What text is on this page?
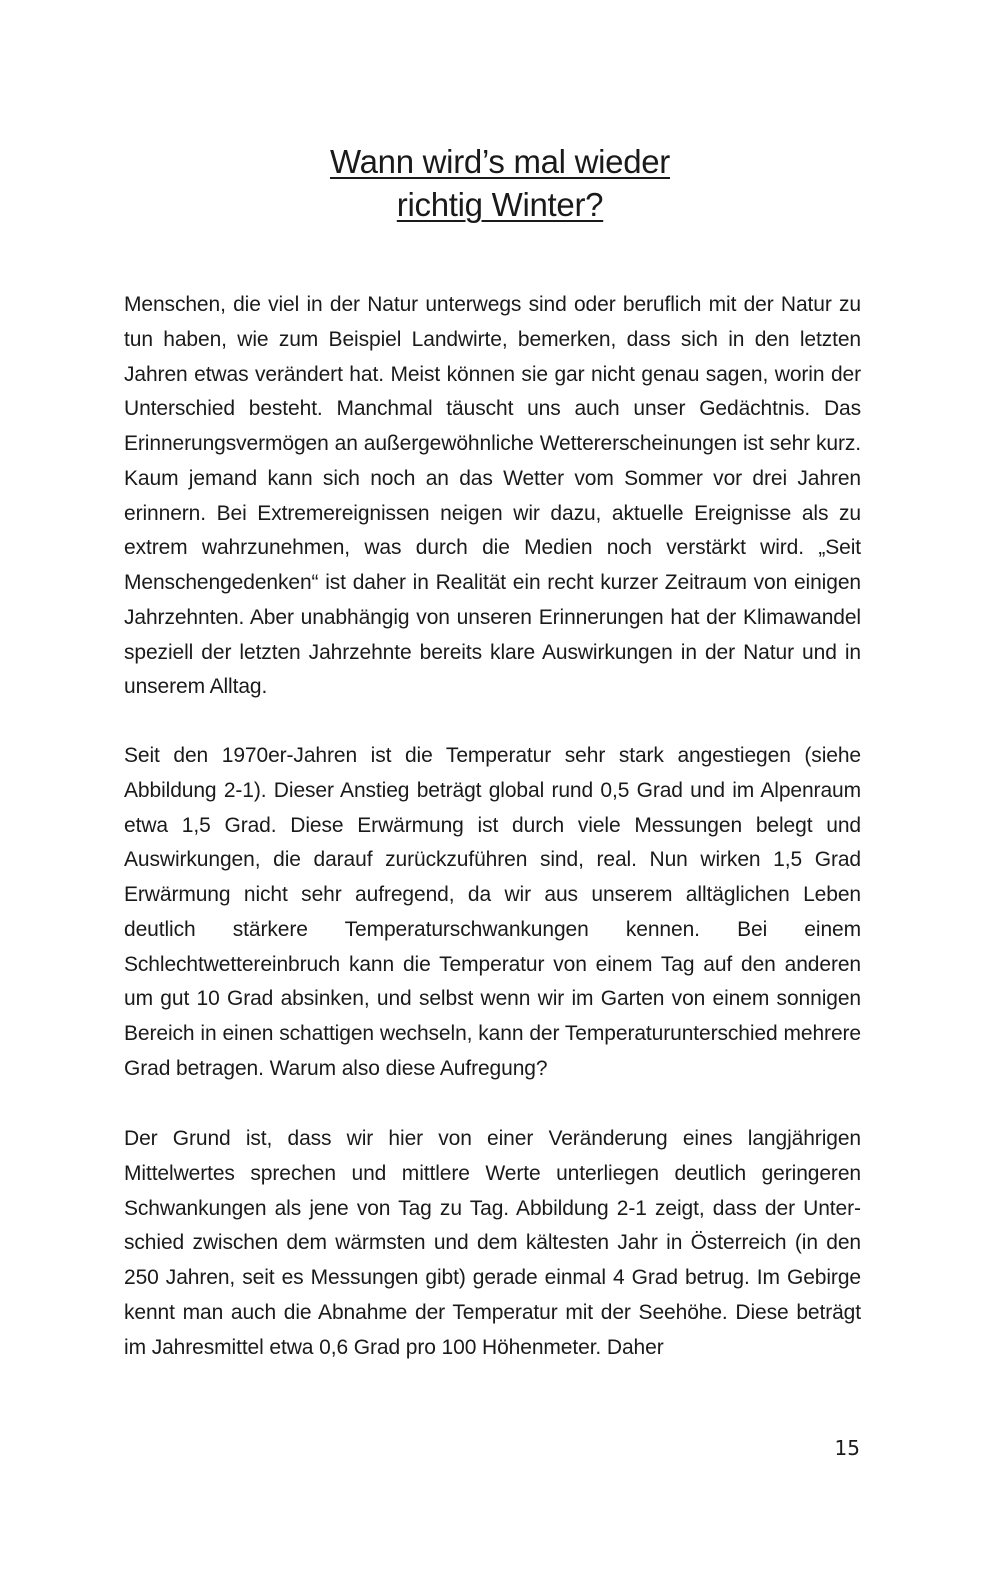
Wann wird’s mal wieder
richtig Winter?

Menschen, die viel in der Natur unterwegs sind oder beruflich mit der Natur zu tun haben, wie zum Beispiel Landwirte, bemerken, dass sich in den letzten Jahren etwas verändert hat. Meist können sie gar nicht genau sagen, worin der Unterschied besteht. Manchmal täuscht uns auch unser Gedächtnis. Das Erinnerungsvermögen an außergewöhnliche Wettererscheinungen ist sehr kurz. Kaum jemand kann sich noch an das Wetter vom Sommer vor drei Jahren erinnern. Bei Extremereignissen neigen wir dazu, aktuelle Ereignisse als zu extrem wahrzunehmen, was durch die Medien noch verstärkt wird. „Seit Menschengedenken“ ist daher in Realität ein recht kurzer Zeitraum von einigen Jahrzehnten. Aber unabhängig von unseren Erinnerungen hat der Klimawandel speziell der letzten Jahrzehnte bereits klare Auswirkungen in der Natur und in unserem Alltag.

Seit den 1970er-Jahren ist die Temperatur sehr stark angestiegen (siehe Abbildung 2-1). Dieser Anstieg beträgt global rund 0,5 Grad und im Alpenraum etwa 1,5 Grad. Diese Erwärmung ist durch viele Messungen belegt und Auswirkungen, die darauf zurückzuführen sind, real. Nun wirken 1,5 Grad Erwärmung nicht sehr aufregend, da wir aus unserem alltäglichen Leben deutlich stärkere Temperaturschwankungen kennen. Bei einem Schlechtwettereinbruch kann die Temperatur von einem Tag auf den anderen um gut 10 Grad absinken, und selbst wenn wir im Garten von einem sonnigen Bereich in einen schattigen wechseln, kann der Temperaturunterschied mehrere Grad betragen. Warum also diese Aufregung?

Der Grund ist, dass wir hier von einer Veränderung eines langjährigen Mittelwertes sprechen und mittlere Werte unterliegen deutlich geringeren Schwankungen als jene von Tag zu Tag. Abbildung 2-1 zeigt, dass der Unterschied zwischen dem wärmsten und dem kältesten Jahr in Österreich (in den 250 Jahren, seit es Messungen gibt) gerade einmal 4 Grad betrug. Im Gebirge kennt man auch die Abnahme der Temperatur mit der Seehöhe. Diese beträgt im Jahresmittel etwa 0,6 Grad pro 100 Höhenmeter. Daher

15
